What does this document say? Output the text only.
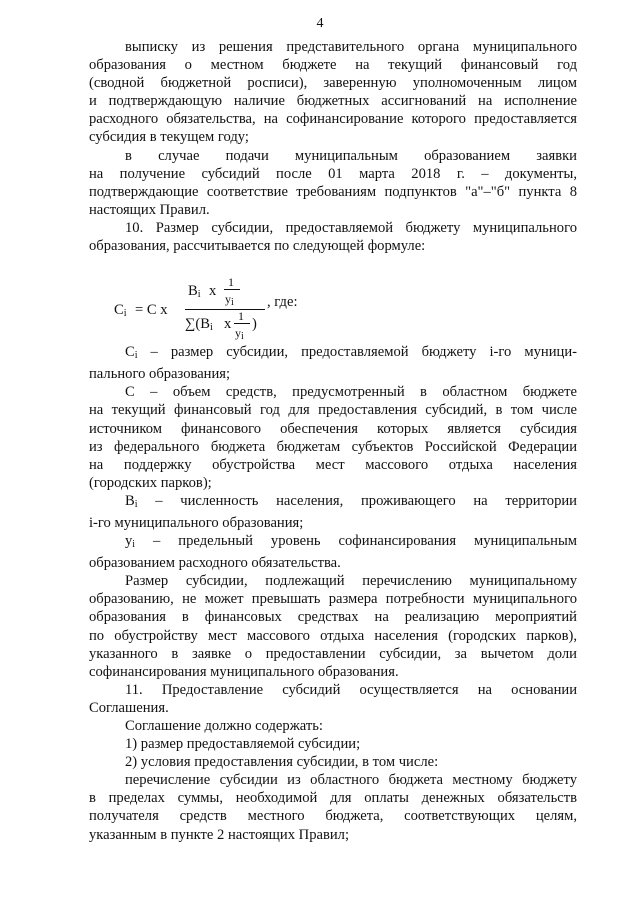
4

выписку из решения представительного органа муниципального

образования о местном бюджете на текущий финансовый год

(сводной бюджетной росписи), заверенную уполномоченным лицом

и подтверждающую наличие бюджетных ассигнований на исполнение

расходного обязательства, на софинансирование которого предоставляется

субсидия в текущем году;

в случае подачи муниципальным образованием заявки

на получение субсидий после 01 марта 2018 г. – документы,

подтверждающие соответствие требованиям подпунктов "а"–"б" пункта 8

настоящих Правил.

10. Размер субсидии, предоставляемой бюджету муниципального

образования, рассчитывается по следующей формуле:

$C_i = C$ x
$B_i$ x
1
$y_i$
$\sum(B_i$ x 1
$y_i$
)
, где:

$C_i$ – размер субсидии, предоставляемой бюджету i-го муници-

пального образования;

C – объем средств, предусмотренный в областном бюджете

на текущий финансовый год для предоставления субсидий, в том числе

источником финансового обеспечения которых является субсидия

из федерального бюджета бюджетам субъектов Российской Федерации

на поддержку обустройства мест массового отдыха населения

(городских парков);

$B_i$ – численность населения, проживающего на территории

i-го муниципального образования;

$y_i$ – предельный уровень софинансирования муниципальным

образованием расходного обязательства.

Размер субсидии, подлежащий перечислению муниципальному

образованию, не может превышать размера потребности муниципального

образования в финансовых средствах на реализацию мероприятий

по обустройству мест массового отдыха населения (городских парков),

указанного в заявке о предоставлении субсидии, за вычетом доли

софинансирования муниципального образования.

11. Предоставление субсидий осуществляется на основании

Соглашения.

Соглашение должно содержать:

1) размер предоставляемой субсидии;

2) условия предоставления субсидии, в том числе:

перечисление субсидии из областного бюджета местному бюджету

в пределах суммы, необходимой для оплаты денежных обязательств

получателя средств местного бюджета, соответствующих целям,

указанным в пункте 2 настоящих Правил;
